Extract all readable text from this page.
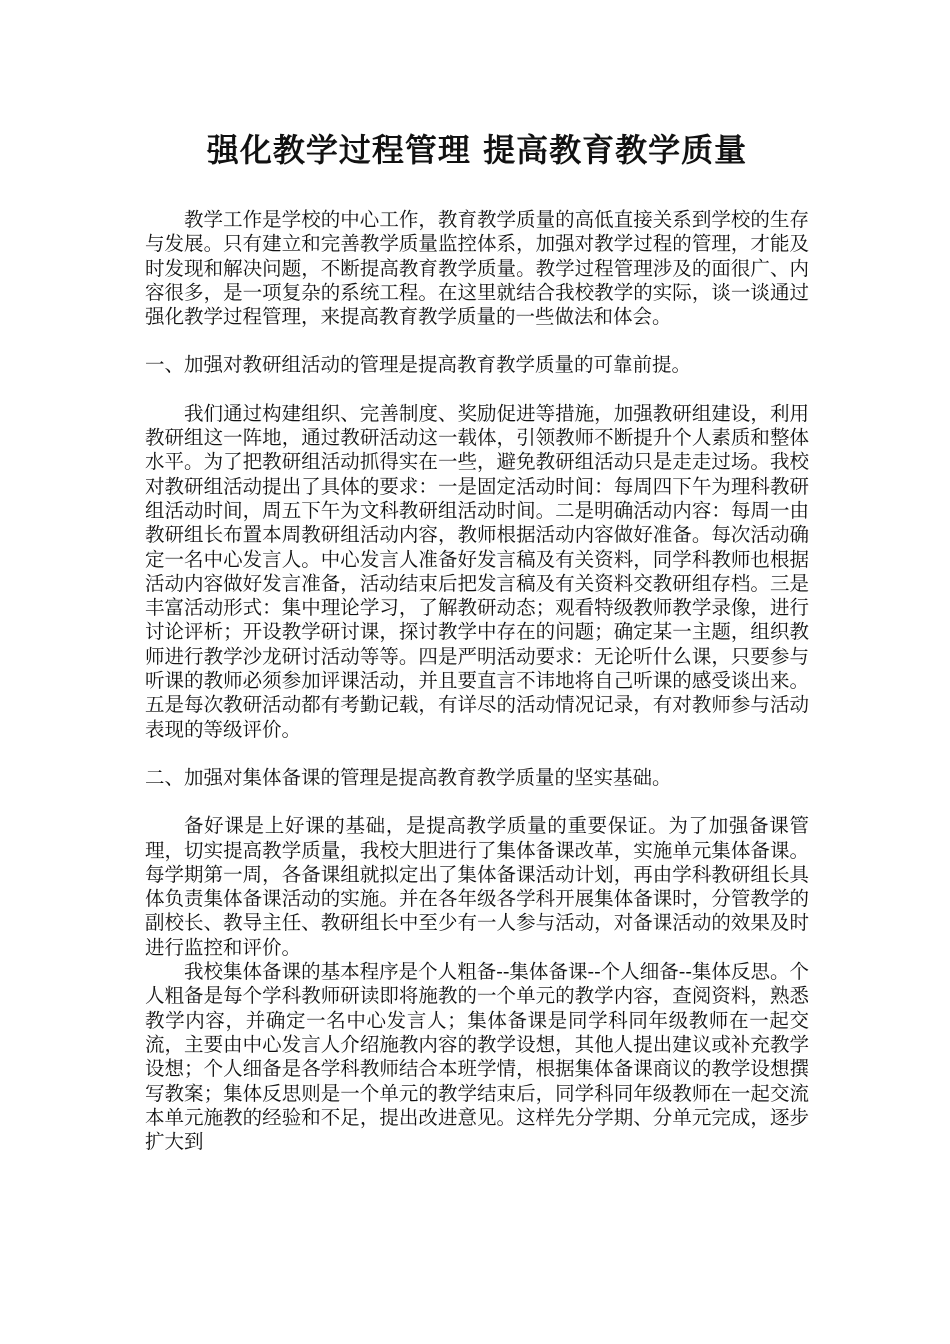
强化教学过程管理 提高教育教学质量

教学工作是学校的中心工作，教育教学质量的高低直接关系到学校的生存与发展。只有建立和完善教学质量监控体系，加强对教学过程的管理，才能及时发现和解决问题，不断提高教育教学质量。教学过程管理涉及的面很广、内容很多，是一项复杂的系统工程。在这里就结合我校教学的实际，谈一谈通过强化教学过程管理，来提高教育教学质量的一些做法和体会。

一、加强对教研组活动的管理是提高教育教学质量的可靠前提。

我们通过构建组织、完善制度、奖励促进等措施，加强教研组建设，利用教研组这一阵地，通过教研活动这一载体，引领教师不断提升个人素质和整体水平。为了把教研组活动抓得实在一些，避免教研组活动只是走走过场。我校对教研组活动提出了具体的要求：一是固定活动时间：每周四下午为理科教研组活动时间，周五下午为文科教研组活动时间。二是明确活动内容：每周一由教研组长布置本周教研组活动内容，教师根据活动内容做好准备。每次活动确定一名中心发言人。中心发言人准备好发言稿及有关资料，同学科教师也根据活动内容做好发言准备，活动结束后把发言稿及有关资料交教研组存档。三是丰富活动形式：集中理论学习，了解教研动态；观看特级教师教学录像，进行讨论评析；开设教学研讨课，探讨教学中存在的问题；确定某一主题，组织教师进行教学沙龙研讨活动等等。四是严明活动要求：无论听什么课，只要参与听课的教师必须参加评课活动，并且要直言不讳地将自己听课的感受谈出来。五是每次教研活动都有考勤记载，有详尽的活动情况记录，有对教师参与活动表现的等级评价。

二、加强对集体备课的管理是提高教育教学质量的坚实基础。

备好课是上好课的基础，是提高教学质量的重要保证。为了加强备课管理，切实提高教学质量，我校大胆进行了集体备课改革，实施单元集体备课。每学期第一周，各备课组就拟定出了集体备课活动计划，再由学科教研组长具体负责集体备课活动的实施。并在各年级各学科开展集体备课时，分管教学的副校长、教导主任、教研组长中至少有一人参与活动，对备课活动的效果及时进行监控和评价。

我校集体备课的基本程序是个人粗备--集体备课--个人细备--集体反思。个人粗备是每个学科教师研读即将施教的一个单元的教学内容，查阅资料，熟悉教学内容，并确定一名中心发言人；集体备课是同学科同年级教师在一起交流，主要由中心发言人介绍施教内容的教学设想，其他人提出建议或补充教学设想；个人细备是各学科教师结合本班学情，根据集体备课商议的教学设想撰写教案；集体反思则是一个单元的教学结束后，同学科同年级教师在一起交流本单元施教的经验和不足，提出改进意见。这样先分学期、分单元完成，逐步扩大到
